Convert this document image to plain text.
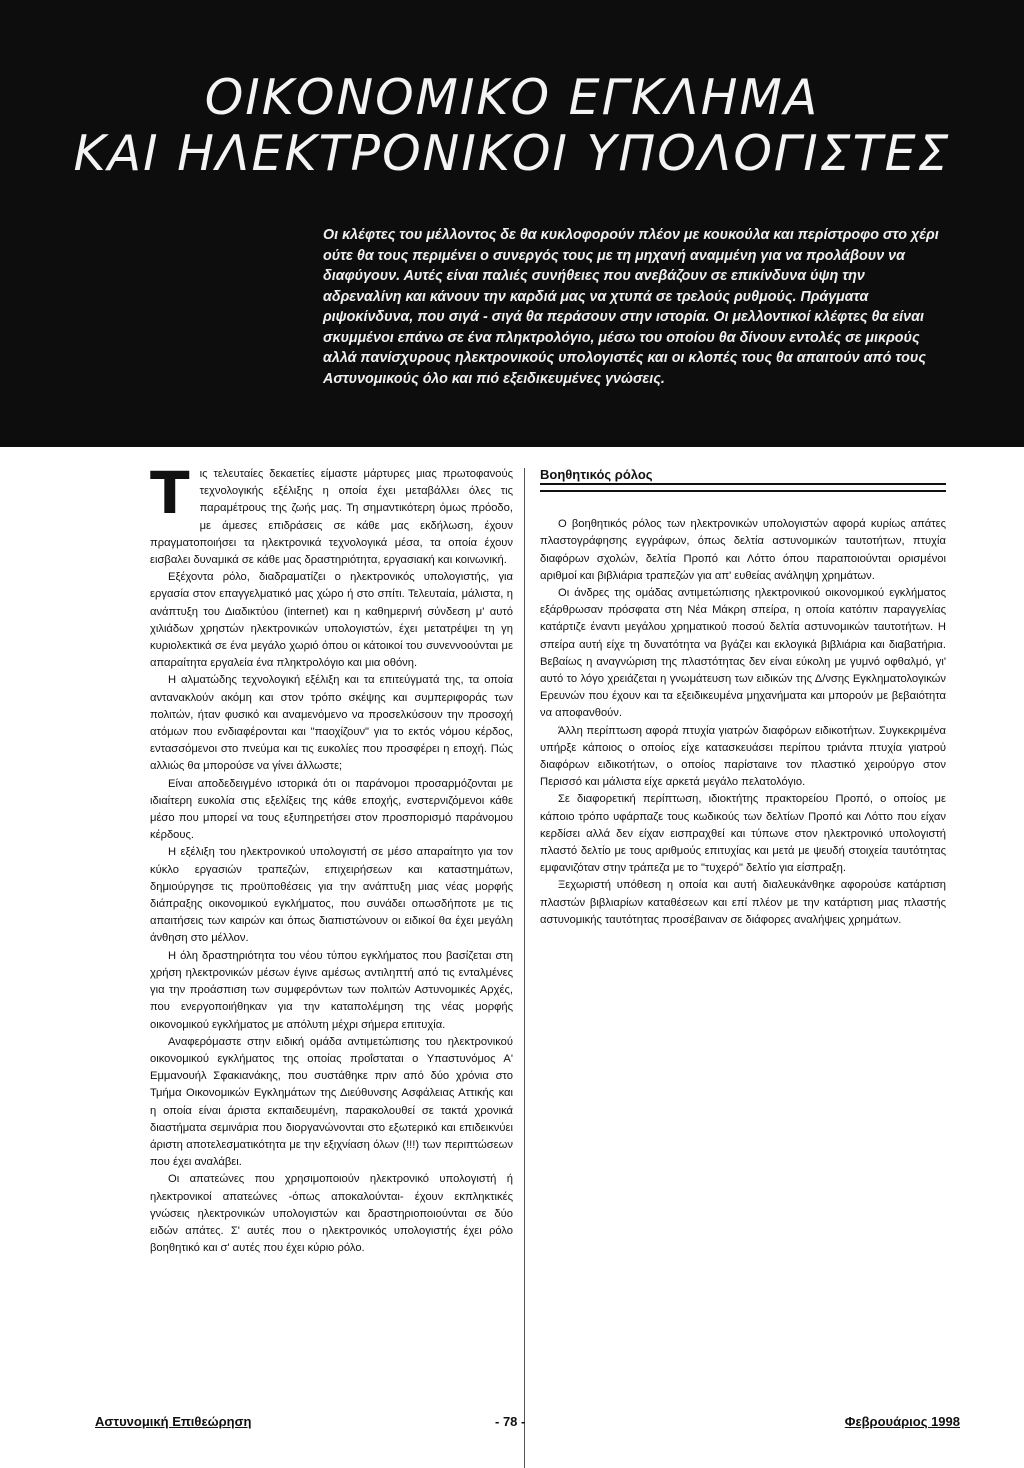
ΟΙΚΟΝΟΜΙΚΟ ΕΓΚΛΗΜΑ
ΚΑΙ ΗΛΕΚΤΡΟΝΙΚΟΙ ΥΠΟΛΟΓΙΣΤΕΣ

Οι κλέφτες του μέλλοντος δε θα κυκλοφορούν πλέον με κουκούλα και περίστροφο στο χέρι ούτε θα τους περιμένει ο συνεργός τους με τη μηχανή αναμμένη για να προλάβουν να διαφύγουν. Αυτές είναι παλιές συνήθειες που ανεβάζουν σε επικίνδυνα ύψη την αδρεναλίνη και κάνουν την καρδιά μας να χτυπά σε τρελούς ρυθμούς. Πράγματα ριψοκίνδυνα, που σιγά - σιγά θα περάσουν στην ιστορία. Οι μελλοντικοί κλέφτες θα είναι σκυμμένοι επάνω σε ένα πληκτρολόγιο, μέσω του οποίου θα δίνουν εντολές σε μικρούς αλλά πανίσχυρους ηλεκτρονικούς υπολογιστές και οι κλοπές τους θα απαιτούν από τους Αστυνομικούς όλο και πιό εξειδικευμένες γνώσεις.

Τις τελευταίες δεκαετίες είμαστε μάρτυρες μιας πρωτοφανούς τεχνολογικής εξέλιξης η οποία έχει μεταβάλλει όλες τις παραμέτρους της ζωής μας. Τη σημαντικότερη όμως πρόοδο, με άμεσες επιδράσεις σε κάθε μας εκδήλωση, έχουν πραγματοποιήσει τα ηλεκτρονικά τεχνολογικά μέσα, τα οποία έχουν εισβαλει δυναμικά σε κάθε μας δραστηριότητα, εργασιακή και κοινωνική.

Εξέχοντα ρόλο, διαδραματίζει ο ηλεκτρονικός υπολογιστής, για εργασία στον επαγγελματικό μας χώρο ή στο σπίτι. Τελευταία, μάλιστα, η ανάπτυξη του Διαδικτύου (internet) και η καθημερινή σύνδεση μ' αυτό χιλιάδων χρηστών ηλεκτρονικών υπολογιστών, έχει μετατρέψει τη γη κυριολεκτικά σε ένα μεγάλο χωριό όπου οι κάτοικοί του συνεννοούνται με απαραίτητα εργαλεία ένα πληκτρολόγιο και μια οθόνη.

Η αλματώδης τεχνολογική εξέλιξη και τα επιτεύγματά της, τα οποία αντανακλούν ακόμη και στον τρόπο σκέψης και συμπεριφοράς των πολιτών, ήταν φυσικό και αναμενόμενο να προσελκύσουν την προσοχή ατόμων που ενδιαφέρονται και "παοχίζουν" για το εκτός νόμου κέρδος, εντασσόμενοι στο πνεύμα και τις ευκολίες που προσφέρει η εποχή. Πώς αλλιώς θα μπορούσε να γίνει άλλωστε;

Είναι αποδεδειγμένο ιστορικά ότι οι παράνομοι προσαρμόζονται με ιδιαίτερη ευκολία στις εξελίξεις της κάθε εποχής, ενστερνιζόμενοι κάθε μέσο που μπορεί να τους εξυπηρετήσει στον προσπορισμό παράνομου κέρδους.

Η εξέλιξη του ηλεκτρονικού υπολογιστή σε μέσο απαραίτητο για τον κύκλο εργασιών τραπεζών, επιχειρήσεων και καταστημάτων, δημιούργησε τις προϋποθέσεις για την ανάπτυξη μιας νέας μορφής διάπραξης οικονομικού εγκλήματος, που συνάδει οπωσδήποτε με τις απαιτήσεις των καιρών και όπως διαπιστώνουν οι ειδικοί θα έχει μεγάλη άνθηση στο μέλλον.

Η όλη δραστηριότητα του νέου τύπου εγκλήματος που βασίζεται στη χρήση ηλεκτρονικών μέσων έγινε αμέσως αντιληπτή από τις ενταλμένες για την προάσπιση των συμφερόντων των πολιτών Αστυνομικές Αρχές, που ενεργοποιήθηκαν για την καταπολέμηση της νέας μορφής οικονομικού εγκλήματος με απόλυτη μέχρι σήμερα επιτυχία.

Αναφερόμαστε στην ειδική ομάδα αντιμετώπισης του ηλεκτρονικού οικονομικού εγκλήματος της οποίας προΐσταται ο Υπαστυνόμος Α' Εμμανουήλ Σφακιανάκης, που συστάθηκε πριν από δύο χρόνια στο Τμήμα Οικονομικών Εγκλημάτων της Διεύθυνσης Ασφάλειας Αττικής και η οποία είναι άριστα εκπαιδευμένη, παρακολουθεί σε τακτά χρονικά διαστήματα σεμινάρια που διοργανώνονται στο εξωτερικό και επιδεικνύει άριστη αποτελεσματικότητα με την εξιχνίαση όλων (!!!) των περιπτώσεων που έχει αναλάβει.

Οι απατεώνες που χρησιμοποιούν ηλεκτρονικό υπολογιστή ή ηλεκτρονικοί απατεώνες -όπως αποκαλούνται- έχουν εκπληκτικές γνώσεις ηλεκτρονικών υπολογιστών και δραστηριοποιούνται σε δύο ειδών απάτες. Σ' αυτές που ο ηλεκτρονικός υπολογιστής έχει ρόλο βοηθητικό και σ' αυτές που έχει κύριο ρόλο.

Βοηθητικός ρόλος

Ο βοηθητικός ρόλος των ηλεκτρονικών υπολογιστών αφορά κυρίως απάτες πλαστογράφησης εγγράφων, όπως δελτία αστυνομικών ταυτοτήτων, πτυχία διαφόρων σχολών, δελτία Προπό και Λόττο όπου παραποιούνται ορισμένοι αριθμοί και βιβλιάρια τραπεζών για απ' ευθείας ανάληψη χρημάτων.

Οι άνδρες της ομάδας αντιμετώπισης ηλεκτρονικού οικονομικού εγκλήματος εξάρθρωσαν πρόσφατα στη Νέα Μάκρη σπείρα, η οποία κατόπιν παραγγελίας κατάρτιζε έναντι μεγάλου χρηματικού ποσού δελτία αστυνομικών ταυτοτήτων. Η σπείρα αυτή είχε τη δυνατότητα να βγάζει και εκλογικά βιβλιάρια και διαβατήρια. Βεβαίως η αναγνώριση της πλαστότητας δεν είναι εύκολη με γυμνό οφθαλμό, γι' αυτό το λόγο χρειάζεται η γνωμάτευση των ειδικών της Δ/νσης Εγκληματολογικών Ερευνών που έχουν και τα εξειδικευμένα μηχανήματα και μπορούν με βεβαιότητα να αποφανθούν.

Άλλη περίπτωση αφορά πτυχία γιατρών διαφόρων ειδικοτήτων. Συγκεκριμένα υπήρξε κάποιος ο οποίος είχε κατασκευάσει περίπου τριάντα πτυχία γιατρού διαφόρων ειδικοτήτων, ο οποίος παρίσταινε τον πλαστικό χειρούργο στον Περισσό και μάλιστα είχε αρκετά μεγάλο πελατολόγιο.

Σε διαφορετική περίπτωση, ιδιοκτήτης πρακτορείου Προπό, ο οποίος με κάποιο τρόπο υφάρπαζε τους κωδικούς των δελτίων Προπό και Λόττο που είχαν κερδίσει αλλά δεν είχαν εισπραχθεί και τύπωνε στον ηλεκτρονικό υπολογιστή πλαστό δελτίο με τους αριθμούς επιτυχίας και μετά με ψευδή στοιχεία ταυτότητας εμφανιζόταν στην τράπεζα με το "τυχερό" δελτίο για είσπραξη.

Ξεχωριστή υπόθεση η οποία και αυτή διαλευκάνθηκε αφορούσε κατάρτιση πλαστών βιβλιαρίων καταθέσεων και επί πλέον με την κατάρτιση μιας πλαστής αστυνομικής ταυτότητας προσέβαιναν σε διάφορες αναλήψεις χρημάτων.

Αστυνομική Επιθεώρηση	- 78 -	Φεβρουάριος 1998
